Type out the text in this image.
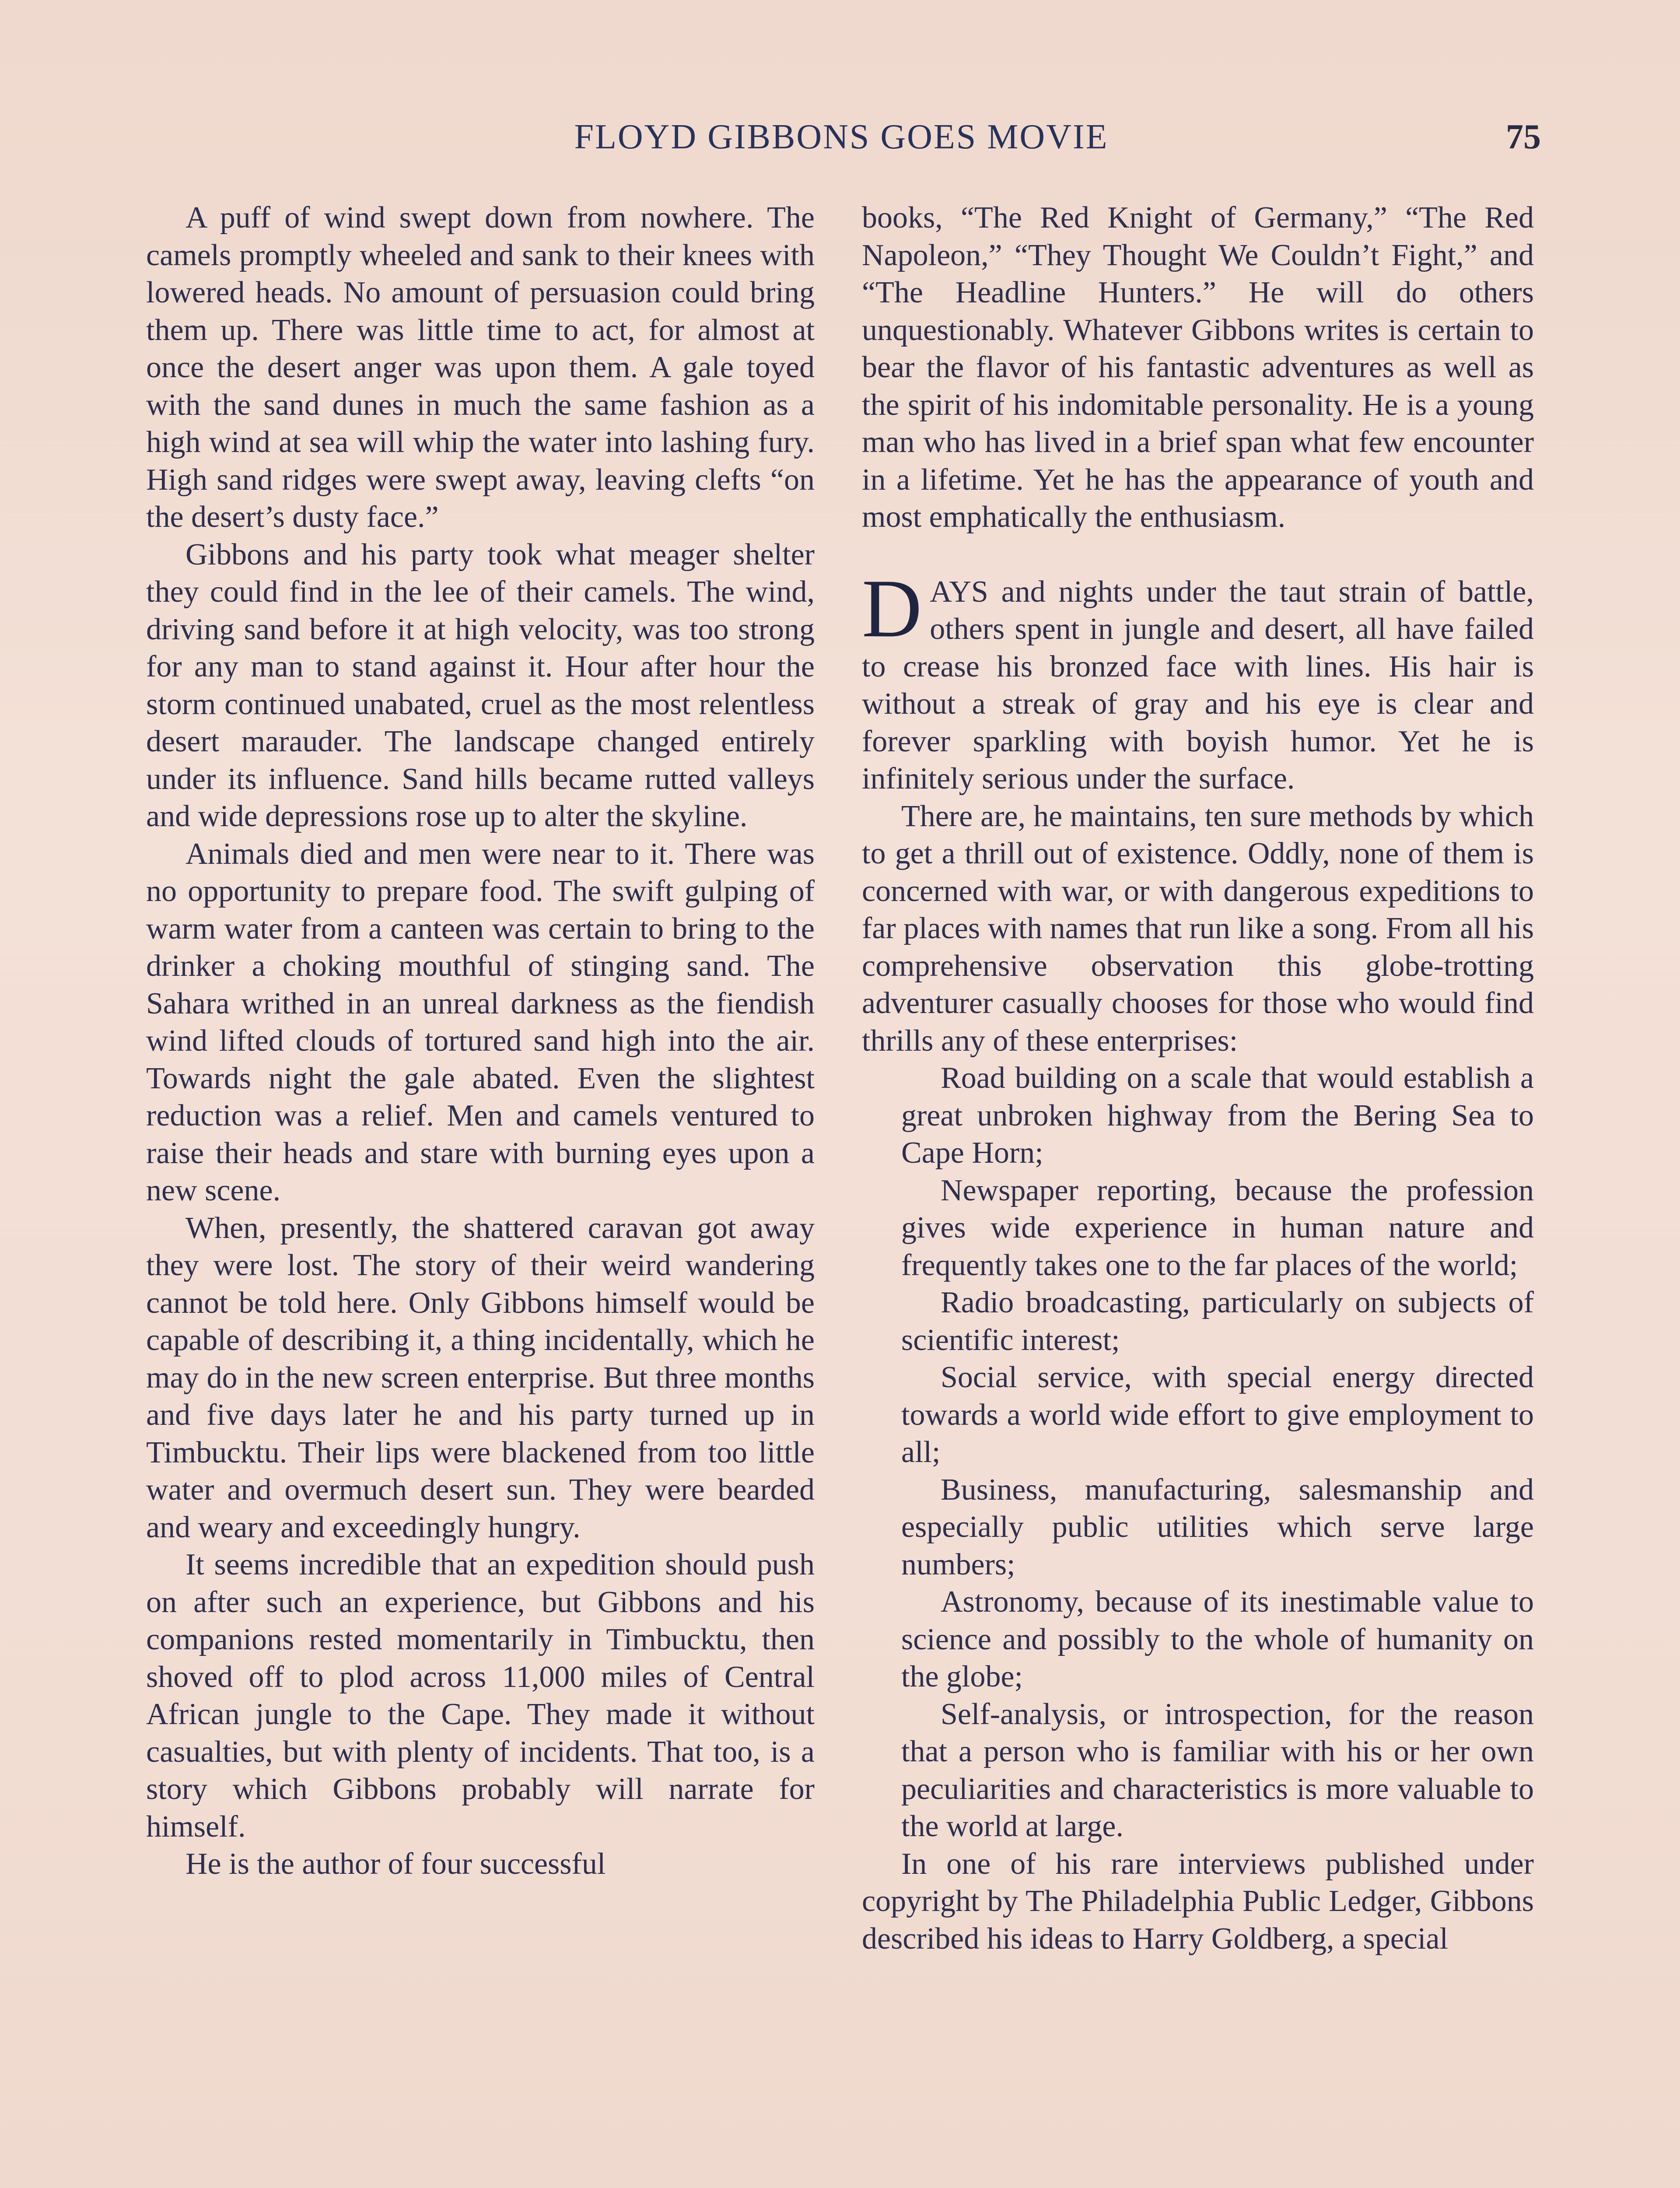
FLOYD GIBBONS GOES MOVIE	75

A puff of wind swept down from nowhere. The camels promptly wheeled and sank to their knees with lowered heads. No amount of persuasion could bring them up. There was little time to act, for almost at once the desert anger was upon them. A gale toyed with the sand dunes in much the same fashion as a high wind at sea will whip the water into lashing fury. High sand ridges were swept away, leaving clefts “on the desert’s dusty face.”

Gibbons and his party took what meager shelter they could find in the lee of their camels. The wind, driving sand before it at high velocity, was too strong for any man to stand against it. Hour after hour the storm continued unabated, cruel as the most relentless desert marauder. The landscape changed entirely under its influence. Sand hills became rutted valleys and wide depressions rose up to alter the skyline.

Animals died and men were near to it. There was no opportunity to prepare food. The swift gulping of warm water from a canteen was certain to bring to the drinker a choking mouthful of stinging sand. The Sahara writhed in an unreal darkness as the fiendish wind lifted clouds of tortured sand high into the air. Towards night the gale abated. Even the slightest reduction was a relief. Men and camels ventured to raise their heads and stare with burning eyes upon a new scene.

When, presently, the shattered caravan got away they were lost. The story of their weird wandering cannot be told here. Only Gibbons himself would be capable of describing it, a thing incidentally, which he may do in the new screen enterprise. But three months and five days later he and his party turned up in Timbucktu. Their lips were blackened from too little water and overmuch desert sun. They were bearded and weary and exceedingly hungry.

It seems incredible that an expedition should push on after such an experience, but Gibbons and his companions rested momentarily in Timbucktu, then shoved off to plod across 11,000 miles of Central African jungle to the Cape. They made it without casualties, but with plenty of incidents. That too, is a story which Gibbons probably will narrate for himself.

He is the author of four successful

books, “The Red Knight of Germany,” “The Red Napoleon,” “They Thought We Couldn’t Fight,” and “The Headline Hunters.” He will do others unquestionably. Whatever Gibbons writes is certain to bear the flavor of his fantastic adventures as well as the spirit of his indomitable personality. He is a young man who has lived in a brief span what few encounter in a lifetime. Yet he has the appearance of youth and most emphatically the enthusiasm.

DAYS and nights under the taut strain of battle, others spent in jungle and desert, all have failed to crease his bronzed face with lines. His hair is without a streak of gray and his eye is clear and forever sparkling with boyish humor. Yet he is infinitely serious under the surface.

There are, he maintains, ten sure methods by which to get a thrill out of existence. Oddly, none of them is concerned with war, or with dangerous expeditions to far places with names that run like a song. From all his comprehensive observation this globe-trotting adventurer casually chooses for those who would find thrills any of these enterprises:

Road building on a scale that would establish a great unbroken highway from the Bering Sea to Cape Horn;

Newspaper reporting, because the profession gives wide experience in human nature and frequently takes one to the far places of the world;

Radio broadcasting, particularly on subjects of scientific interest;

Social service, with special energy directed towards a world wide effort to give employment to all;

Business, manufacturing, salesmanship and especially public utilities which serve large numbers;

Astronomy, because of its inestimable value to science and possibly to the whole of humanity on the globe;

Self-analysis, or introspection, for the reason that a person who is familiar with his or her own peculiarities and characteristics is more valuable to the world at large.

In one of his rare interviews published under copyright by The Philadelphia Public Ledger, Gibbons described his ideas to Harry Goldberg, a special
